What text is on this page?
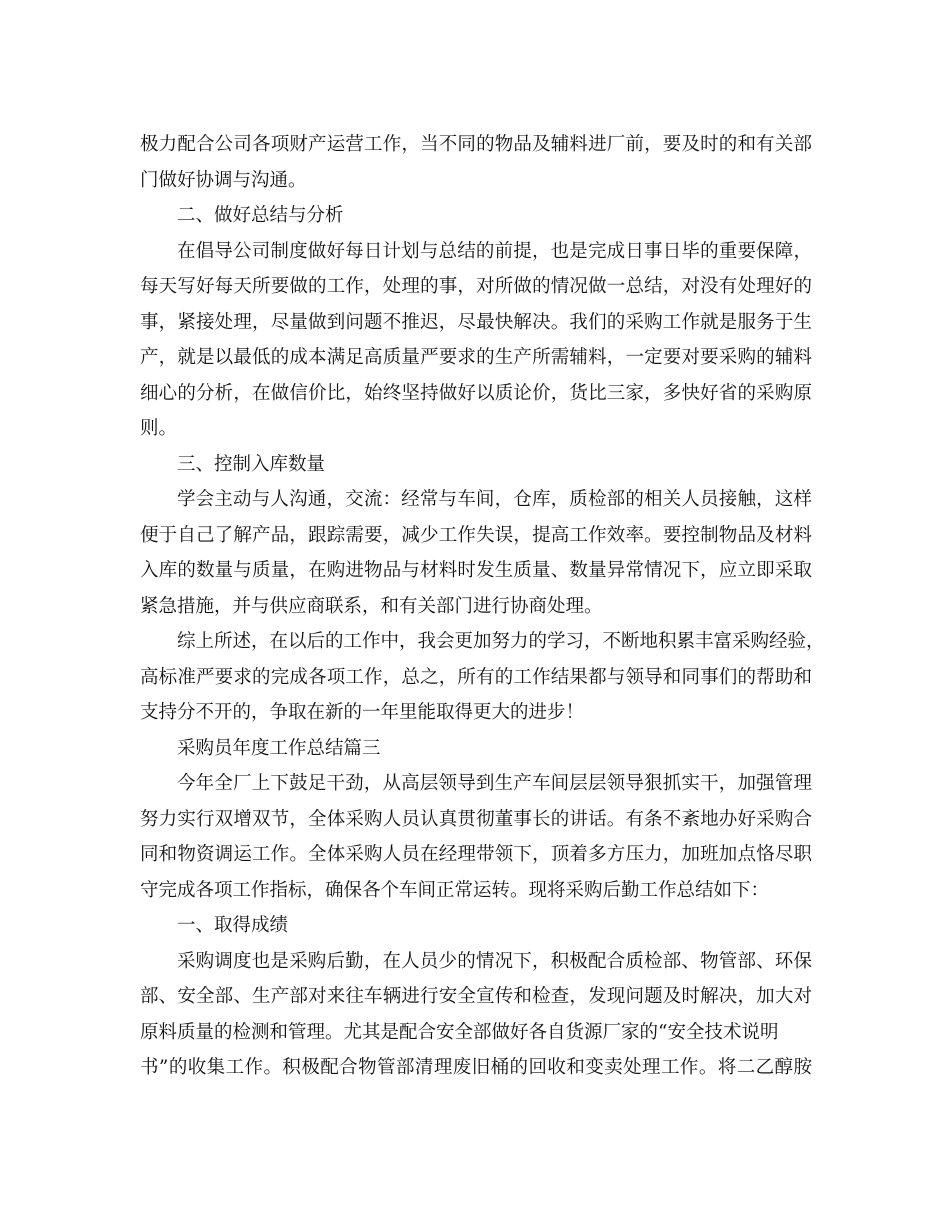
极力配合公司各项财产运营工作，当不同的物品及辅料进厂前，要及时的和有关部
门做好协调与沟通。
二、做好总结与分析
在倡导公司制度做好每日计划与总结的前提，也是完成日事日毕的重要保障，
每天写好每天所要做的工作，处理的事，对所做的情况做一总结，对没有处理好的
事，紧接处理，尽量做到问题不推迟，尽最快解决。我们的采购工作就是服务于生
产，就是以最低的成本满足高质量严要求的生产所需辅料，一定要对要采购的辅料
细心的分析，在做信价比，始终坚持做好以质论价，货比三家，多快好省的采购原
则。
三、控制入库数量
学会主动与人沟通，交流：经常与车间，仓库，质检部的相关人员接触，这样
便于自己了解产品，跟踪需要，减少工作失误，提高工作效率。要控制物品及材料
入库的数量与质量，在购进物品与材料时发生质量、数量异常情况下，应立即采取
紧急措施，并与供应商联系，和有关部门进行协商处理。
综上所述，在以后的工作中，我会更加努力的学习，不断地积累丰富采购经验，
高标准严要求的完成各项工作，总之，所有的工作结果都与领导和同事们的帮助和
支持分不开的，争取在新的一年里能取得更大的进步！
采购员年度工作总结篇三
今年全厂上下鼓足干劲，从高层领导到生产车间层层领导狠抓实干，加强管理
努力实行双增双节，全体采购人员认真贯彻董事长的讲话。有条不紊地办好采购合
同和物资调运工作。全体采购人员在经理带领下，顶着多方压力，加班加点恪尽职
守完成各项工作指标，确保各个车间正常运转。现将采购后勤工作总结如下：
一、取得成绩
采购调度也是采购后勤，在人员少的情况下，积极配合质检部、物管部、环保
部、安全部、生产部对来往车辆进行安全宣传和检查，发现问题及时解决，加大对
原料质量的检测和管理。尤其是配合安全部做好各自货源厂家的“安全技术说明
书”的收集工作。积极配合物管部清理废旧桶的回收和变卖处理工作。将二乙醇胺
